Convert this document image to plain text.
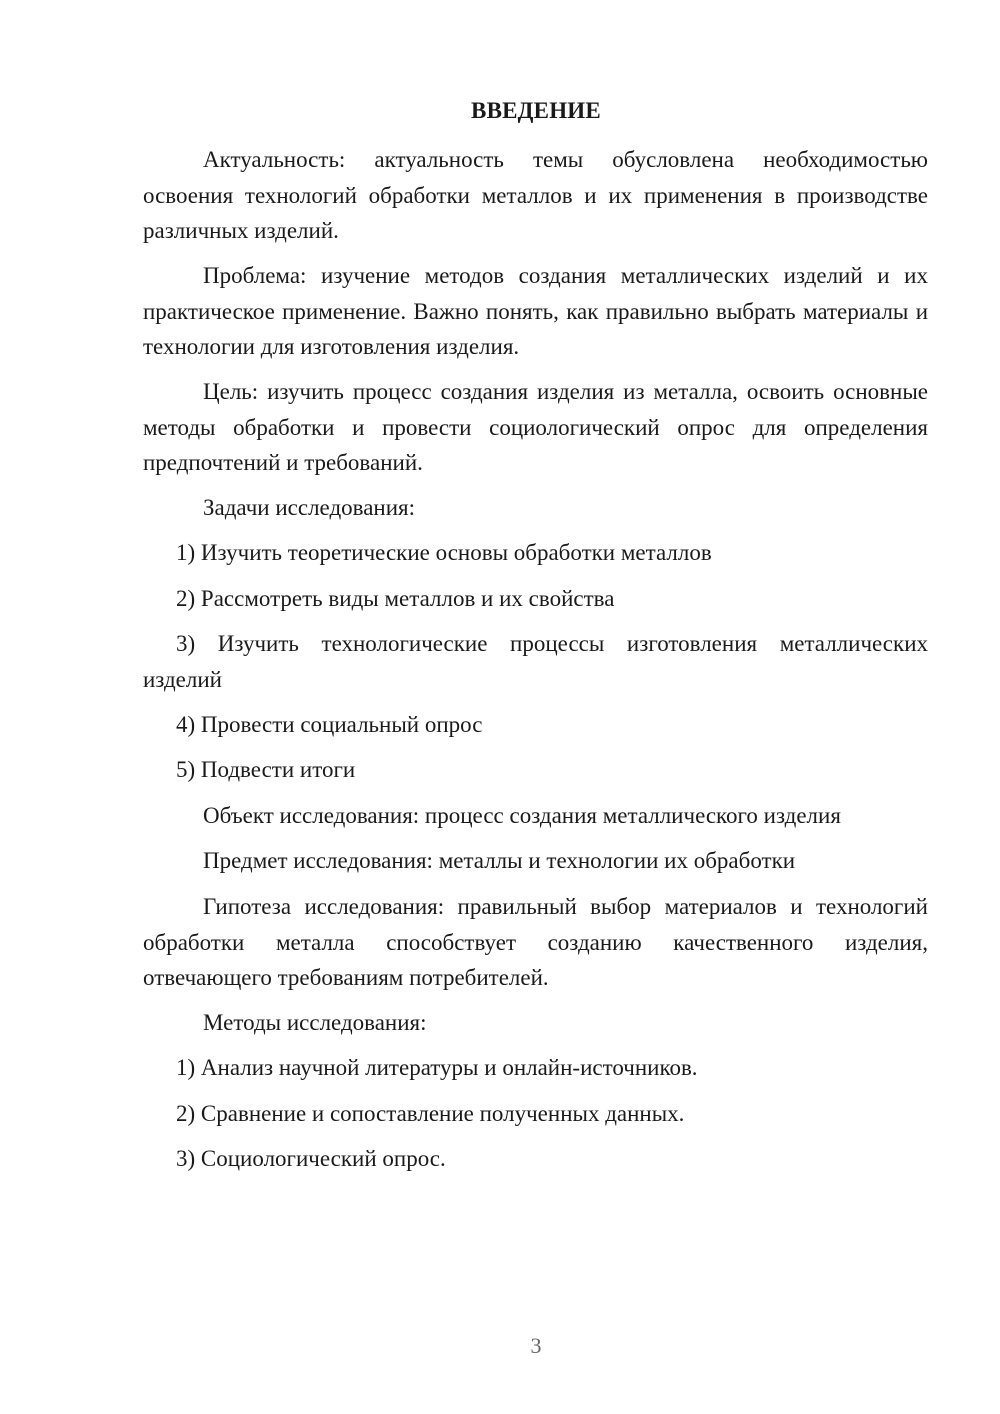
ВВЕДЕНИЕ

Актуальность: актуальность темы обусловлена необходимостью освоения технологий обработки металлов и их применения в производстве различных изделий.

Проблема: изучение методов создания металлических изделий и их практическое применение. Важно понять, как правильно выбрать материалы и технологии для изготовления изделия.

Цель: изучить процесс создания изделия из металла, освоить основные методы обработки и провести социологический опрос для определения предпочтений и требований.

Задачи исследования:

1) Изучить теоретические основы обработки металлов

2) Рассмотреть виды металлов и их свойства

3) Изучить технологические процессы изготовления металлических изделий

4) Провести социальный опрос

5) Подвести итоги

Объект исследования: процесс создания металлического изделия

Предмет исследования: металлы и технологии их обработки

Гипотеза исследования: правильный выбор материалов и технологий обработки металла способствует созданию качественного изделия, отвечающего требованиям потребителей.

Методы исследования:

1) Анализ научной литературы и онлайн-источников.

2) Сравнение и сопоставление полученных данных.

3) Социологический опрос.

3
